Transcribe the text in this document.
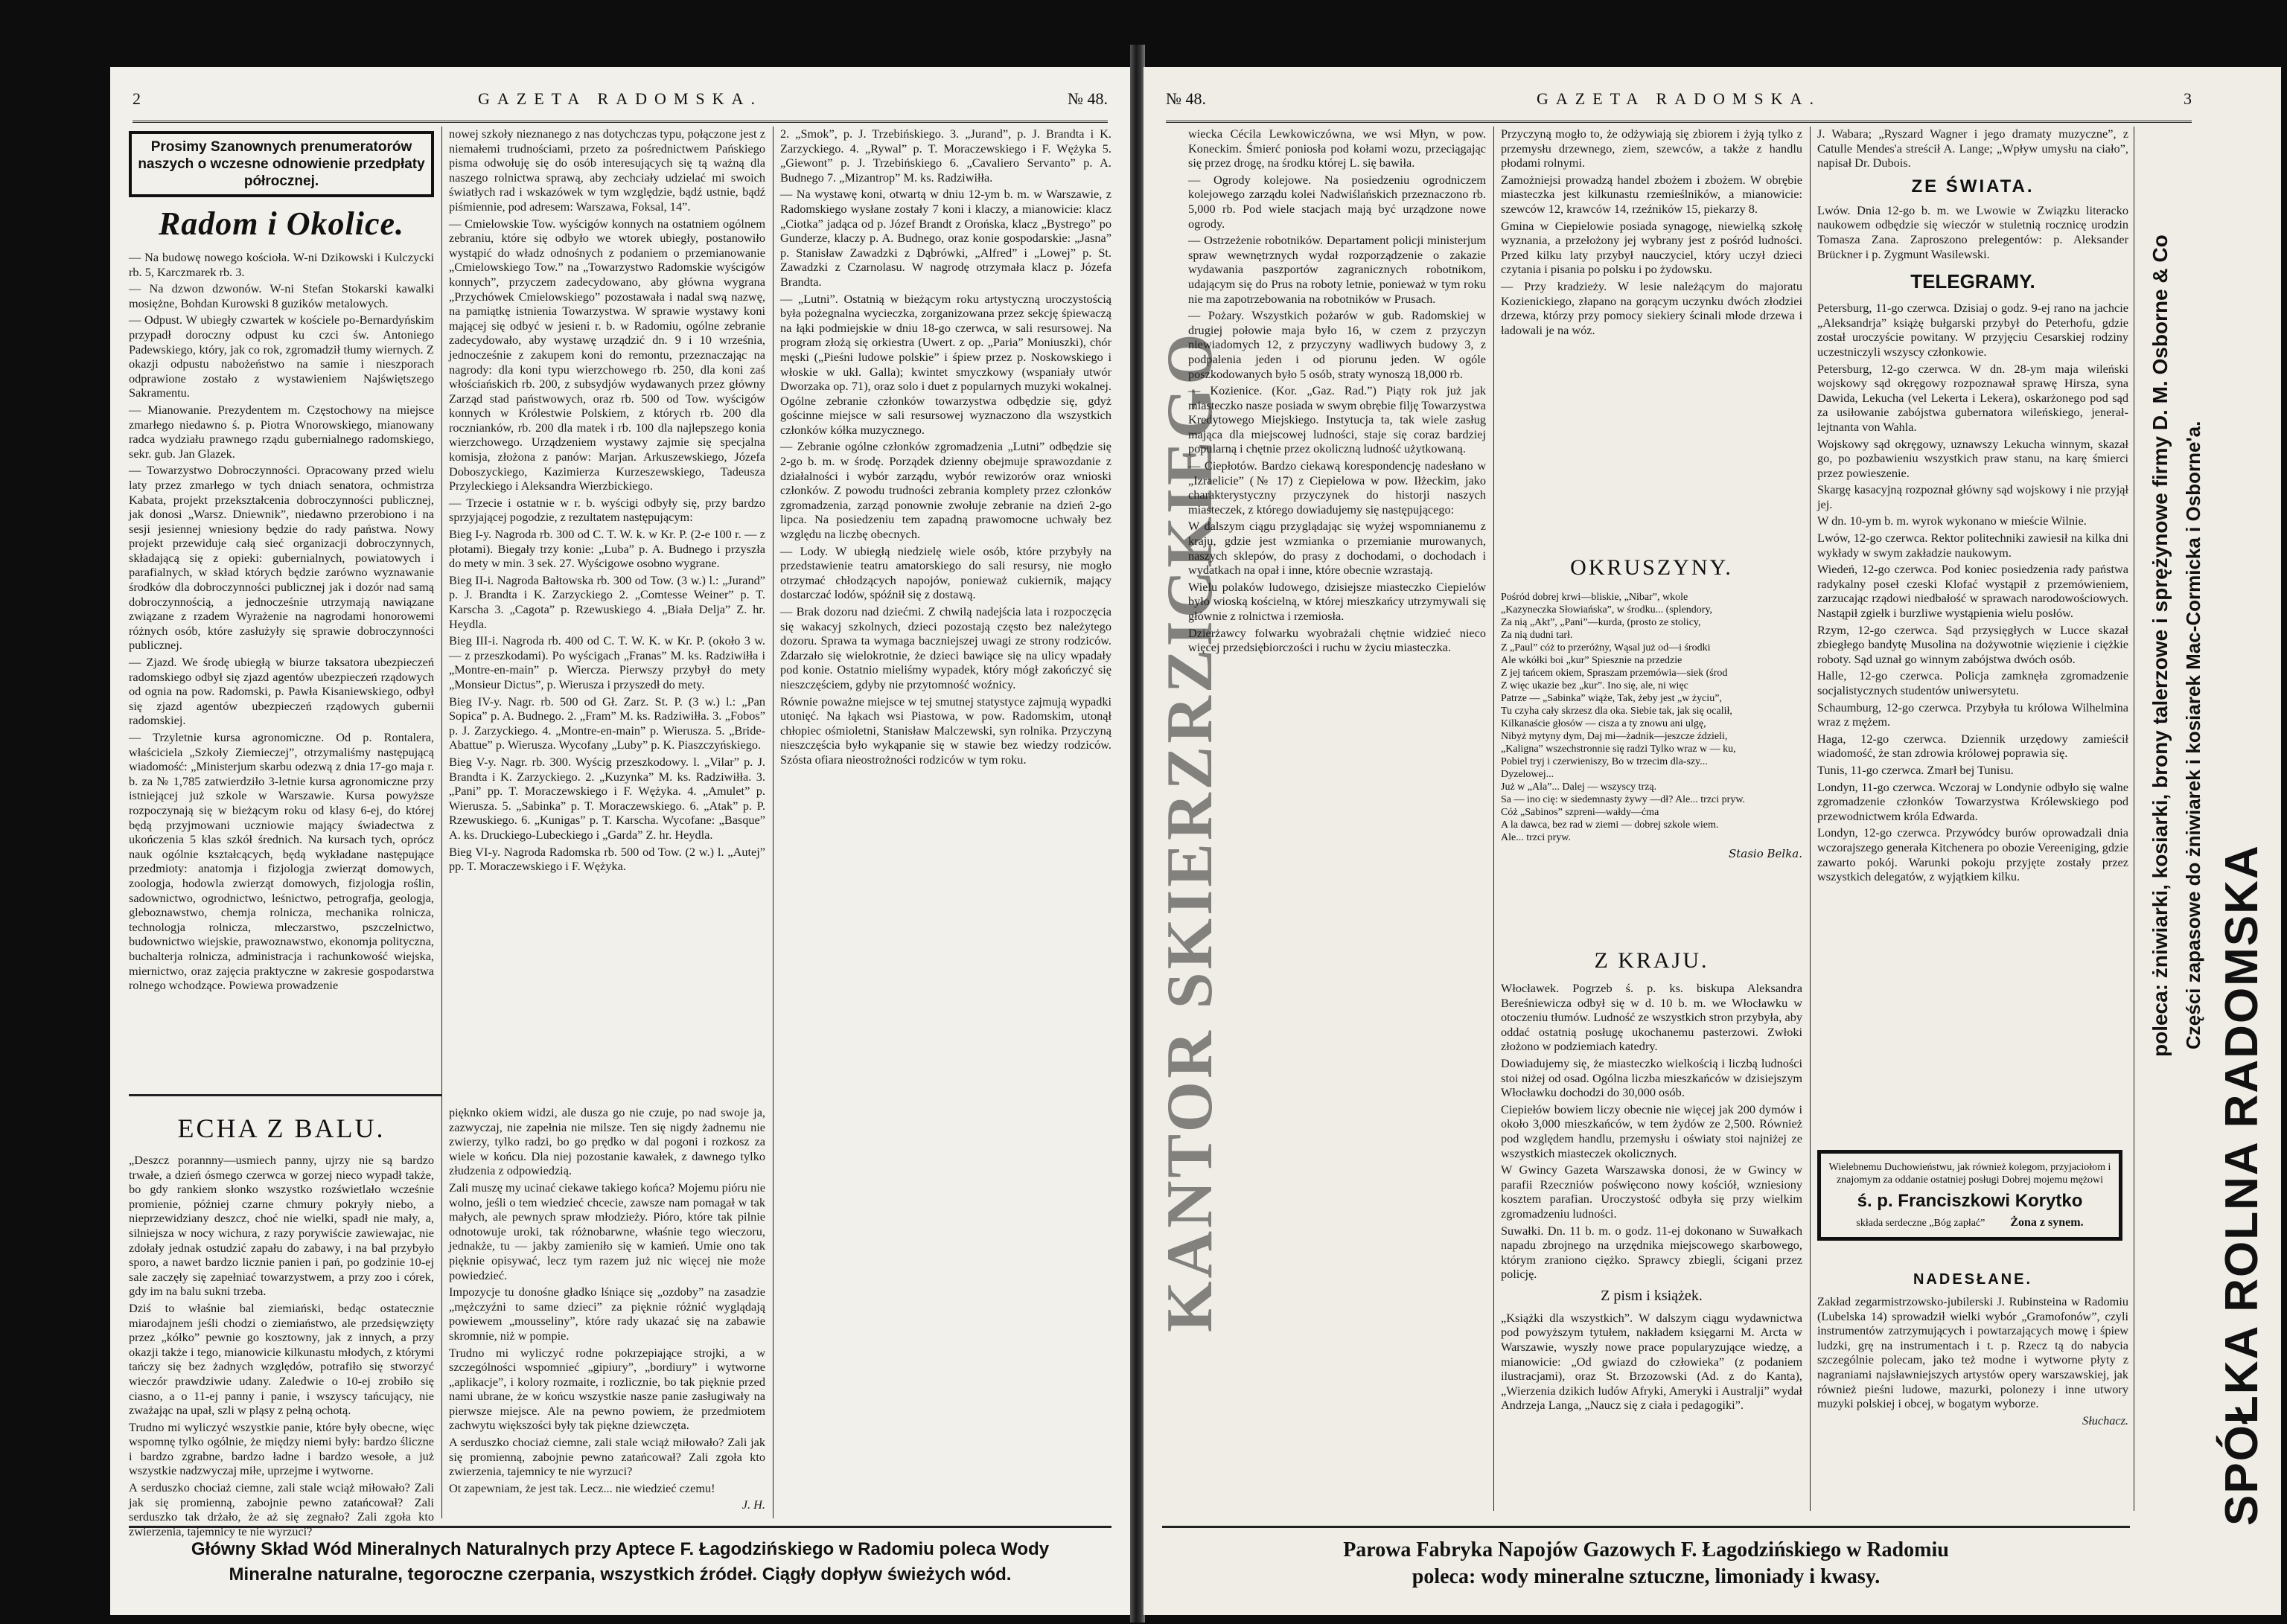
2	GAZETA RADOMSKA.	№ 48.
Prosimy Szanownych prenumeratorów naszych o wczesne odnowienie przedpłaty półrocznej.
Radom i Okolice.

— Na budowę nowego kościoła. W-ni Dzikowski i Kulczycki rb. 5, Karczmarek rb. 3.

— Na dzwon dzwonów. W-ni Stefan Stokarski kawalki mosiężne, Bohdan Kurowski 8 guzików metalowych.

— Odpust. W ubiegły czwartek w kościele po-Bernardyńskim przypadł doroczny odpust ku czci św. Antoniego Padewskiego, który, jak co rok, zgromadził tłumy wiernych. Z okazji odpustu nabożeństwo na samie i nieszporach odprawione zostało z wystawieniem Najświętszego Sakramentu.

— Mianowanie. Prezydentem m. Częstochowy na miejsce zmarłego niedawno ś. p. Piotra Wnorowskiego, mianowany radca wydziału prawnego rządu gubernialnego radomskiego, sekr. gub. Jan Glazek.

— Towarzystwo Dobroczynności. Opracowany przed wielu laty przez zmarłego w tych dniach senatora, ochmistrza Kabata, projekt przekształcenia dobroczynności publicznej, jak donosi „Warsz. Dniewnik”, niedawno przerobiono i na sesji jesiennej wniesiony będzie do rady państwa. Nowy projekt przewiduje całą sieć organizacji dobroczynnych, składającą się z opieki: gubernialnych, powiatowych i parafialnych, w skład których będzie zarówno wyznawanie środków dla dobroczynności publicznej jak i dozór nad samą dobroczynnością, a jednocześnie utrzymają nawiązane związane z rzadem Wyrażenie na nagrodami honorowemi różnych osób, które zasłużyły się sprawie dobroczynności publicznej.

— Zjazd. We środę ubiegłą w biurze taksatora ubezpieczeń radomskiego odbył się zjazd agentów ubezpieczeń rządowych od ognia na pow. Radomski, p. Pawła Kisaniewskiego, odbył się zjazd agentów ubezpieczeń rządowych gubernii radomskiej.

— Trzyletnie kursa agronomiczne. Od p. Rontalera, właściciela „Szkoły Ziemieczej”, otrzymaliśmy następującą wiadomość: „Ministerjum skarbu odezwą z dnia 17-go maja r. b. za № 1,785 zatwierdziło 3-letnie kursa agronomiczne przy istniejącej już szkole w Warszawie. Kursa powyższe rozpoczynają się w bieżącym roku od klasy 6-ej, do której będą przyjmowani uczniowie mający świadectwa z ukończenia 5 klas szkół średnich. Na kursach tych, oprócz nauk ogólnie kształcących, będą wykładane następujące przedmioty: anatomja i fizjologja zwierząt domowych, zoologja, hodowla zwierząt domowych, fizjologja roślin, sadownictwo, ogrodnictwo, leśnictwo, petrografja, geologja, gleboznawstwo, chemja rolnicza, mechanika rolnicza, technologja rolnicza, mleczarstwo, pszczelnictwo, budownictwo wiejskie, prawoznawstwo, ekonomja polityczna, buchalterja rolnicza, administracja i rachunkowość wiejska, miernictwo, oraz zajęcia praktyczne w zakresie gospodarstwa rolnego wchodzące. Powiewa prowadzenie

nowej szkoły nieznanego z nas dotychczas typu, połączone jest z niemałemi trudnościami, przeto za pośrednictwem Pańskiego pisma odwołuję się do osób interesujących się tą ważną dla naszego rolnictwa sprawą, aby zechciały udzielać mi swoich światłych rad i wskazówek w tym względzie, bądź ustnie, bądź piśmiennie, pod adresem: Warszawa, Foksal, 14”.

— Cmielowskie Tow. wyścigów konnych na ostatniem ogólnem zebraniu, które się odbyło we wtorek ubiegły, postanowiło wystąpić do władz odnośnych z podaniem o przemianowanie „Cmielowskiego Tow.” na „Towarzystwo Radomskie wyścigów konnych”, przyczem zadecydowano, aby główna wygrana „Przychówek Cmielowskiego” pozostawała i nadal swą nazwę, na pamiątkę istnienia Towarzystwa. W sprawie wystawy koni mającej się odbyć w jesieni r. b. w Radomiu, ogólne zebranie zadecydowało, aby wystawę urządzić dn. 9 i 10 września, jednocześnie z zakupem koni do remontu, przeznaczając na nagrody: dla koni typu wierzchowego rb. 250, dla koni zaś włościańskich rb. 200, z subsydjów wydawanych przez główny Zarząd stad państwowych, oraz rb. 500 od Tow. wyścigów konnych w Królestwie Polskiem, z których rb. 200 dla rocznianków, rb. 200 dla matek i rb. 100 dla najlepszego konia wierzchowego. Urządzeniem wystawy zajmie się specjalna komisja, złożona z panów: Marjan. Arkuszewskiego, Józefa Doboszyckiego, Kazimierza Kurzeszewskiego, Tadeusza Przyleckiego i Aleksandra Wierzbickiego.

— Trzecie i ostatnie w r. b. wyścigi odbyły się, przy bardzo sprzyjającej pogodzie, z rezultatem następującym:

Bieg I-y. Nagroda rb. 300 od C. T. W. k. w Kr. P. (2-e 100 r. — z płotami). Biegały trzy konie: „Luba” p. A. Budnego i przyszła do mety w min. 3 sek. 27. Wyścigowe osobno wygrane.

Bieg II-i. Nagroda Bałtowska rb. 300 od Tow. (3 w.) l.: „Jurand” p. J. Brandta i K. Zarzyckiego 2. „Comtesse Weiner” p. T. Karscha 3. „Cagota” p. Rzewuskiego 4. „Biała Delja” Z. hr. Heydla.

Bieg III-i. Nagroda rb. 400 od C. T. W. K. w Kr. P. (około 3 w. — z przeszkodami). Po wyścigach „Franas” M. ks. Radziwiłła i „Montre-en-main” p. Wiercza. Pierwszy przybył do mety „Monsieur Dictus”, p. Wierusza i przyszedł do mety.

Bieg IV-y. Nagr. rb. 500 od Gł. Zarz. St. P. (3 w.) l.: „Pan Sopica” p. A. Budnego. 2. „Fram” M. ks. Radziwiłła. 3. „Fobos” p. J. Zarzyckiego. 4. „Montre-en-main” p. Wierusza. 5. „Bride-Abattue” p. Wierusza. Wycofany „Luby” p. K. Piaszczyńskiego.

Bieg V-y. Nagr. rb. 300. Wyścig przeszkodowy. l. „Vilar” p. J. Brandta i K. Zarzyckiego. 2. „Kuzynka” M. ks. Radziwiłła. 3. „Pani” pp. T. Moraczewskiego i F. Wężyka. 4. „Amulet” p. Wierusza. 5. „Sabinka” p. T. Moraczewskiego. 6. „Atak” p. P. Rzewuskiego. 6. „Kunigas” p. T. Karscha. Wycofane: „Basque” A. ks. Druckiego-Lubeckiego i „Garda” Z. hr. Heydla.

Bieg VI-y. Nagroda Radomska rb. 500 od Tow. (2 w.) l. „Autej” pp. T. Moraczewskiego i F. Wężyka.

2. „Smok”, p. J. Trzebińskiego. 3. „Jurand”, p. J. Brandta i K. Zarzyckiego. 4. „Rywal” p. T. Moraczewskiego i F. Wężyka 5. „Giewont” p. J. Trzebińskiego 6. „Cavaliero Servanto” p. A. Budnego 7. „Mizantrop” M. ks. Radziwiłła.

— Na wystawę koni, otwartą w dniu 12-ym b. m. w Warszawie, z Radomskiego wysłane zostały 7 koni i klaczy, a mianowicie: klacz „Ciotka” jadąca od p. Józef Brandt z Orońska, klacz „Bystrego” po Gunderze, klaczy p. A. Budnego, oraz konie gospodarskie: „Jasna” p. Stanisław Zawadzki z Dąbrówki, „Alfred” i „Lowej” p. St. Zawadzki z Czarnolasu. W nagrodę otrzymała klacz p. Józefa Brandta.

— „Lutni”. Ostatnią w bieżącym roku artystyczną uroczystością była pożegnalna wycieczka, zorganizowana przez sekcję śpiewaczą na łąki podmiejskie w dniu 18-go czerwca, w sali resursowej. Na program złożą się orkiestra (Uwert. z op. „Paria” Moniuszki), chór męski („Pieśni ludowe polskie” i śpiew przez p. Noskowskiego i włoskie w ukł. Galla); kwintet smyczkowy (wspaniały utwór Dworzaka op. 71), oraz solo i duet z popularnych muzyki wokalnej. Ogólne zebranie członków towarzystwa odbędzie się, gdyż gościnne miejsce w sali resursowej wyznaczono dla wszystkich członków kółka muzycznego.

— Zebranie ogólne członków zgromadzenia „Lutni” odbędzie się 2-go b. m. w środę. Porządek dzienny obejmuje sprawozdanie z działalności i wybór zarządu, wybór rewizorów oraz wnioski członków. Z powodu trudności zebrania komplety przez członków zgromadzenia, zarząd ponownie zwołuje zebranie na dzień 2-go lipca. Na posiedzeniu tem zapadną prawomocne uchwały bez względu na liczbę obecnych.

— Lody. W ubiegłą niedzielę wiele osób, które przybyły na przedstawienie teatru amatorskiego do sali resursy, nie mogło otrzymać chłodzących napojów, ponieważ cukiernik, mający dostarczać lodów, spóźnił się z dostawą.

— Brak dozoru nad dziećmi. Z chwilą nadejścia lata i rozpoczęcia się wakacyj szkolnych, dzieci pozostają często bez należytego dozoru. Sprawa ta wymaga baczniejszej uwagi ze strony rodziców. Zdarzało się wielokrotnie, że dzieci bawiące się na ulicy wpadały pod konie. Ostatnio mieliśmy wypadek, który mógł zakończyć się nieszczęściem, gdyby nie przytomność woźnicy.

Równie poważne miejsce w tej smutnej statystyce zajmują wypadki utonięć. Na łąkach wsi Piastowa, w pow. Radomskim, utonął chłopiec ośmioletni, Stanisław Malczewski, syn rolnika. Przyczyną nieszczęścia było wykąpanie się w stawie bez wiedzy rodziców. Szósta ofiara nieostrożności rodziców w tym roku.

ECHA Z BALU.

„Deszcz porannny—usmiech panny, ujrzy nie są bardzo trwałe, a dzień ósmego czerwca w gorzej nieco wypadł także, bo gdy rankiem słonko wszystko rozświetlało wcześnie promienie, później czarne chmury pokryły niebo, a nieprzewidziany deszcz, choć nie wielki, spadł nie mały, a, silniejsza w nocy wichura, z razy porywiście zawiewajac, nie zdołały jednak ostudzić zapału do zabawy, i na bal przybyło sporo, a nawet bardzo licznie panien i pań, po godzinie 10-ej sale zaczęły się zapełniać towarzystwem, a przy zoo i córek, gdy im na balu sukni trzeba.

Dziś to właśnie bal ziemiański, bedąc ostatecznie miarodajnem jeśli chodzi o ziemiaństwo, ale przedsięwzięty przez „kółko” pewnie go kosztowny, jak z innych, a przy okazji także i tego, mianowicie kilkunastu młodych, z którymi tańczy się bez żadnych względów, potrafiło się stworzyć wieczór prawdziwie udany. Zaledwie o 10-ej zrobiło się ciasno, a o 11-ej panny i panie, i wszyscy tańcujący, nie zważając na upał, szli w pląsy z pełną ochotą.

Trudno mi wyliczyć wszystkie panie, które były obecne, więc wspomnę tylko ogólnie, że między niemi były: bardzo śliczne i bardzo zgrabne, bardzo ładne i bardzo wesołe, a już wszystkie nadzwyczaj miłe, uprzejme i wytworne.

A serduszko chociaż ciemne, zali stale wciąż miłowało? Zali jak się promienną, zabojnie pewno zatańcował? Zali serduszko tak drżało, że aż się zegnało? Zali zgoła kto zwierzenia, tajemnicy te nie wyrzuci?

pięknko okiem widzi, ale dusza go nie czuje, po nad swoje ja, zazwyczaj, nie zapełnia nie milsze. Ten się nigdy żadnemu nie zwierzy, tylko radzi, bo go prędko w dal pogoni i rozkosz za wiele w końcu. Dla niej pozostanie kawałek, z dawnego tylko złudzenia z odpowiedzią.

Zali muszę my ucinać ciekawe takiego końca? Mojemu pióru nie wolno, jeśli o tem wiedzieć chcecie, zawsze nam pomagał w tak małych, ale pewnych spraw młodzieży. Pióro, które tak pilnie odnotowuje uroki, tak różnobarwne, właśnie tego wieczoru, jednakże, tu — jakby zamieniło się w kamień. Umie ono tak pięknie opisywać, lecz tym razem już nic więcej nie może powiedzieć.

Impozycje tu donośne gładko lśniące się „ozdoby” na zasadzie „mężczyźni to same dzieci” za pięknie różnić wyglądają powiewem „mousseliny”, które rady ukazać się na zabawie skromnie, niż w pompie.

Trudno mi wyliczyć rodne pokrzepiające strojki, a w szczególności wspomnieć „gipiury”, „bordiury” i wytworne „aplikacje”, i kolory rozmaite, i rozlicznie, bo tak pięknie przed nami ubrane, że w końcu wszystkie nasze panie zasługiwały na pierwsze miejsce. Ale na pewno powiem, że przedmiotem zachwytu większości były tak piękne dziewczęta.

A serduszko chociaż ciemne, zali stale wciąż miłowało? Zali jak się promienną, zabojnie pewno zatańcował? Zali zgoła kto zwierzenia, tajemnicy te nie wyrzuci?

Ot zapewniam, że jest tak. Lecz... nie wiedzieć czemu!

J. H.

Główny Skład Wód Mineralnych Naturalnych przy Aptece F. Łagodzińskiego w Radomiu poleca Wody
Mineralne naturalne, tegoroczne czerpania, wszystkich źródeł. Ciągły dopływ świeżych wód.
№ 48.	GAZETA RADOMSKA.	3
KANTOR SKIERZRZICKIEGO

wiecka Cécila Lewkowiczówna, we wsi Młyn, w pow. Koneckim. Śmierć poniosła pod kołami wozu, przeciągając się przez drogę, na środku której L. się bawiła.

— Ogrody kolejowe. Na posiedzeniu ogrodniczem kolejowego zarządu kolei Nadwiślańskich przeznaczono rb. 5,000 rb. Pod wiele stacjach mają być urządzone nowe ogrody.

— Ostrzeżenie robotników. Departament policji ministerjum spraw wewnętrznych wydał rozporządzenie o zakazie wydawania paszportów zagranicznych robotnikom, udającym się do Prus na roboty letnie, ponieważ w tym roku nie ma zapotrzebowania na robotników w Prusach.

— Pożary. Wszystkich pożarów w gub. Radomskiej w drugiej połowie maja było 16, w czem z przyczyn niewiadomych 12, z przyczyny wadliwych budowy 3, z podpalenia jeden i od piorunu jeden. W ogóle poszkodowanych było 5 osób, straty wynoszą 18,000 rb.

— Kozienice. (Kor. „Gaz. Rad.”) Piąty rok już jak miasteczko nasze posiada w swym obrębie filję Towarzystwa Kredytowego Miejskiego. Instytucja ta, tak wiele zasług mająca dla miejscowej ludności, staje się coraz bardziej popularną i chętnie przez okoliczną ludność użytkowaną.

— Ciepłotów. Bardzo ciekawą korespondencję nadesłano w „Izraelicie” (№ 17) z Ciepielowa w pow. Iłżeckim, jako charakterystyczny przyczynek do historji naszych miasteczek, z którego dowiadujemy się następującego:

W dalszym ciągu przyglądając się wyżej wspomnianemu z kraju, gdzie jest wzmianka o przemianie murowanych, naszych sklepów, do prasy z dochodami, o dochodach i wydatkach na opał i inne, które obecnie wzrastają.

Wielu polaków ludowego, dzisiejsze miasteczko Ciepielów było wioską kościelną, w której mieszkańcy utrzymywali się głównie z rolnictwa i rzemiosła.

Dzierżawcy folwarku wyobrażali chętnie widzieć nieco więcej przedsiębiorczości i ruchu w życiu miasteczka.

Przyczyną mogło to, że odżywiają się zbiorem i żyją tylko z przemysłu drzewnego, ziem, szewców, a także z handlu płodami rolnymi.

Zamożniejsi prowadzą handel zbożem i zbożem. W obrębie miasteczka jest kilkunastu rzemieślników, a mianowicie: szewców 12, krawców 14, rzeźników 15, piekarzy 8.

Gmina w Ciepielowie posiada synagogę, niewielką szkołę wyznania, a przełożony jej wybrany jest z pośród ludności. Przed kilku laty przybył nauczyciel, który uczył dzieci czytania i pisania po polsku i po żydowsku.

— Przy kradzieży. W lesie należącym do majoratu Kozienickiego, złapano na gorącym uczynku dwóch złodziei drzewa, którzy przy pomocy siekiery ścinali młode drzewa i ładowali je na wóz.

OKRUSZYNY.
Pośród dobrej krwi—bliskie, „Nibar”, wkole
„Kazyneczka Słowiańska”, w środku... (splendory,
Za nią „Akt”, „Pani”—kurda, (prosto ze stolicy,
Za nią dudni tarł.
Z „Paul” cóż to przeróżny, Wąsal już od—i środki
Ale wkółki boi „kur” Spiesznie na przedzie
Z jej tańcem okiem, Spraszam przemówia—siek (środ
Z więc ukazie bez „kur”. Ino się, ale, ni więc
Patrze — „Sabinka” wiąże, Tak, żeby jest „w życiu”,
Tu czyha cały skrzesz dla oka. Siebie tak, jak się ocalił,
Kilkanaście głosów — cisza a ty znowu ani ulgę,
Nibyż mytyny dym, Daj mi—żadnik—jeszcze ździeli,
„Kaligna” wszechstronnie się radzi Tylko wraz w — ku,
Pobiel tryj i czerwieniszy, Bo w trzecim dla-szy...
Dyzelowej...
Już w „Ala”... Dalej — wszyscy trzą.
Sa — ino cię: w siedemnasty żywy —dł? Ale... trzci pryw.
Cóż „Sabinos” szpreni—wałdy—ćma
A la dawca, bez rad w ziemi — dobrej szkole wiem.
Ale... trzci pryw.
Stasio Belka.
Z KRAJU.

Włocławek. Pogrzeb ś. p. ks. biskupa Aleksandra Bereśniewicza odbył się w d. 10 b. m. we Włocławku w otoczeniu tłumów. Ludność ze wszystkich stron przybyła, aby oddać ostatnią posługę ukochanemu pasterzowi. Zwłoki złożono w podziemiach katedry.

Dowiadujemy się, że miasteczko wielkością i liczbą ludności stoi niżej od osad. Ogólna liczba mieszkańców w dzisiejszym Włocławku dochodzi do 30,000 osób.

Ciepiełów bowiem liczy obecnie nie więcej jak 200 dymów i około 3,000 mieszkańców, w tem żydów ze 2,500. Również pod względem handlu, przemysłu i oświaty stoi najniżej ze wszystkich miasteczek okolicznych.

W Gwincy Gazeta Warszawska donosi, że w Gwincy w parafii Rzeczniów poświęcono nowy kościół, wzniesiony kosztem parafian. Uroczystość odbyła się przy wielkim zgromadzeniu ludności.

Suwałki. Dn. 11 b. m. o godz. 11-ej dokonano w Suwałkach napadu zbrojnego na urzędnika miejscowego skarbowego, którym zraniono ciężko. Sprawcy zbiegli, ścigani przez policję.

Z pism i książek.

„Książki dla wszystkich”. W dalszym ciągu wydawnictwa pod powyższym tytułem, nakładem księgarni M. Arcta w Warszawie, wyszły nowe prace popularyzujące wiedzę, a mianowicie: „Od gwiazd do człowieka” (z podaniem ilustracjami), oraz St. Brzozowski (Ad. z do Kanta), „Wierzenia dzikich ludów Afryki, Ameryki i Australji” wydał Andrzeja Langa, „Naucz się z ciała i pedagogiki”.

J. Wabara; „Ryszard Wagner i jego dramaty muzyczne”, z Catulle Mendes'a streścił A. Lange; „Wpływ umysłu na ciało”, napisał Dr. Dubois.

ZE ŚWIATA.

Lwów. Dnia 12-go b. m. we Lwowie w Związku literacko naukowem odbędzie się wieczór w stuletnią rocznicę urodzin Tomasza Zana. Zaproszono prelegentów: p. Aleksander Brückner i p. Zygmunt Wasilewski.

TELEGRAMY.

Petersburg, 11-go czerwca. Dzisiaj o godz. 9-ej rano na jachcie „Aleksandrja” książę bułgarski przybył do Peterhofu, gdzie został uroczyście powitany. W przyjęciu Cesarskiej rodziny uczestniczyli wszyscy członkowie.

Petersburg, 12-go czerwca. W dn. 28-ym maja wileński wojskowy sąd okręgowy rozpoznawał sprawę Hirsza, syna Dawida, Lekucha (vel Lekerta i Lekera), oskarżonego pod sąd za usiłowanie zabójstwa gubernatora wileńskiego, jenerał-lejtnanta von Wahla.

Wojskowy sąd okręgowy, uznawszy Lekucha winnym, skazał go, po pozbawieniu wszystkich praw stanu, na karę śmierci przez powieszenie.

Skargę kasacyjną rozpoznał główny sąd wojskowy i nie przyjął jej.

W dn. 10-ym b. m. wyrok wykonano w mieście Wilnie.

Lwów, 12-go czerwca. Rektor politechniki zawiesił na kilka dni wykłady w swym zakładzie naukowym.

Wiedeń, 12-go czerwca. Pod koniec posiedzenia rady państwa radykalny poseł czeski Klofać wystąpił z przemówieniem, zarzucając rządowi niedbałość w sprawach narodowościowych. Nastąpił zgiełk i burzliwe wystąpienia wielu posłów.

Rzym, 12-go czerwca. Sąd przysięgłych w Lucce skazał zbiegłego bandytę Musolina na dożywotnie więzienie i ciężkie roboty. Sąd uznał go winnym zabójstwa dwóch osób.

Halle, 12-go czerwca. Policja zamknęła zgromadzenie socjalistycznych studentów uniwersytetu.

Schaumburg, 12-go czerwca. Przybyła tu królowa Wilhelmina wraz z mężem.

Haga, 12-go czerwca. Dziennik urzędowy zamieścił wiadomość, że stan zdrowia królowej poprawia się.

Tunis, 11-go czerwca. Zmarł bej Tunisu.

Londyn, 11-go czerwca. Wczoraj w Londynie odbyło się walne zgromadzenie członków Towarzystwa Królewskiego pod przewodnictwem króla Edwarda.

Londyn, 12-go czerwca. Przywódcy burów oprowadzali dnia wczorajszego generała Kitchenera po obozie Vereeniging, gdzie zawarto pokój. Warunki pokoju przyjęte zostały przez wszystkich delegatów, z wyjątkiem kilku.

Wielebnemu Duchowieństwu, jak również kolegom, przyjaciołom i znajomym za oddanie ostatniej posługi Dobrej mojemu mężowi
ś. p. Franciszkowi Korytko
składa serdeczne „Bóg zapłać” Żona z synem.
NADESŁANE.

Zakład zegarmistrzowsko-jubilerski J. Rubinsteina w Radomiu (Lubelska 14) sprowadził wielki wybór „Gramofonów”, czyli instrumentów zatrzymujących i powtarzających mowę i śpiew ludzki, grę na instrumentach i t. p. Rzecz tą do nabycia szczególnie polecam, jako też modne i wytworne płyty z nagraniami najsławniejszych artystów opery warszawskiej, jak również pieśni ludowe, mazurki, polonezy i inne utwory muzyki polskiej i obcej, w bogatym wyborze.

Słuchacz.

poleca: żniwiarki, kosiarki, brony talerzowe i sprężynowe firmy D. M. Osborne & Co Części zapasowe do żniwiarek i kosiarek Mac-Cormicka i Osborne'a.
SPÓŁKA ROLNA RADOMSKA
Parowa Fabryka Napojów Gazowych F. Łagodzińskiego w Radomiu
poleca: wody mineralne sztuczne, limoniady i kwasy.
